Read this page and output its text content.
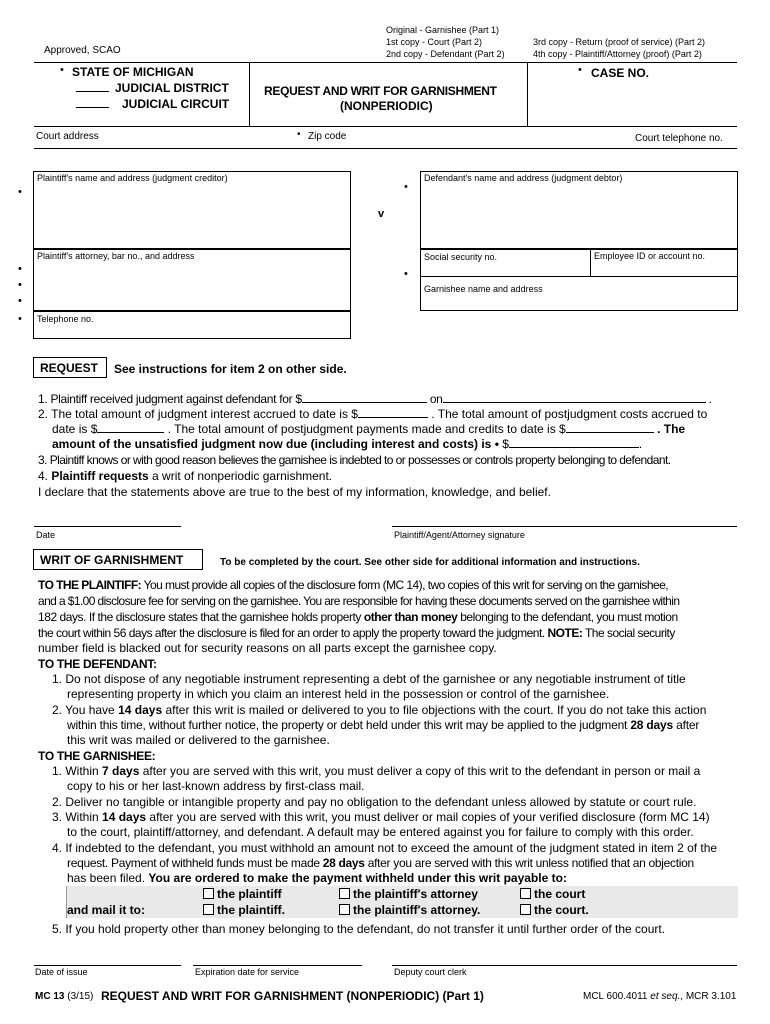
Approved, SCAO
Original - Garnishee (Part 1)
1st copy - Court (Part 2)
2nd copy - Defendant (Part 2)
3rd copy - Return (proof of service) (Part 2)
4th copy - Plaintiff/Attorney (proof) (Part 2)
• STATE OF MICHIGAN
JUDICIAL DISTRICT
JUDICIAL CIRCUIT
REQUEST AND WRIT FOR GARNISHMENT
(NONPERIODIC)
• CASE NO.
Court address	• Zip code	Court telephone no.
Plaintiff's name and address (judgment creditor)
•
v
Defendant's name and address (judgment debtor)
•
Plaintiff's attorney, bar no., and address
•
•
•
Social security no.	Employee ID or account no.
Garnishee name and address
•
Telephone no.
•
REQUEST See instructions for item 2 on other side.
1. Plaintiff received judgment against defendant for $	on	.
2. The total amount of judgment interest accrued to date is $	. The total amount of postjudgment costs accrued to
date is $	. The total amount of postjudgment payments made and credits to date is $	. The
amount of the unsatisfied judgment now due (including interest and costs) is • $	.
3. Plaintiff knows or with good reason believes the garnishee is indebted to or possesses or controls property belonging to defendant.
4. Plaintiff requests a writ of nonperiodic garnishment.
I declare that the statements above are true to the best of my information, knowledge, and belief.
Date	Plaintiff/Agent/Attorney signature
WRIT OF GARNISHMENT	To be completed by the court. See other side for additional information and instructions.
TO THE PLAINTIFF: You must provide all copies of the disclosure form (MC 14), two copies of this writ for serving on the garnishee,
and a $1.00 disclosure fee for serving on the garnishee. You are responsible for having these documents served on the garnishee within
182 days. If the disclosure states that the garnishee holds property other than money belonging to the defendant, you must motion
the court within 56 days after the disclosure is filed for an order to apply the property toward the judgment. NOTE: The social security
number field is blacked out for security reasons on all parts except the garnishee copy.
TO THE DEFENDANT:
1. Do not dispose of any negotiable instrument representing a debt of the garnishee or any negotiable instrument of title
representing property in which you claim an interest held in the possession or control of the garnishee.
2. You have 14 days after this writ is mailed or delivered to you to file objections with the court. If you do not take this action
within this time, without further notice, the property or debt held under this writ may be applied to the judgment 28 days after
this writ was mailed or delivered to the garnishee.
TO THE GARNISHEE:
1. Within 7 days after you are served with this writ, you must deliver a copy of this writ to the defendant in person or mail a
copy to his or her last-known address by first-class mail.
2. Deliver no tangible or intangible property and pay no obligation to the defendant unless allowed by statute or court rule.
3. Within 14 days after you are served with this writ, you must deliver or mail copies of your verified disclosure (form MC 14)
to the court, plaintiff/attorney, and defendant. A default may be entered against you for failure to comply with this order.
4. If indebted to the defendant, you must withhold an amount not to exceed the amount of the judgment stated in item 2 of the
request. Payment of withheld funds must be made 28 days after you are served with this writ unless notified that an objection
has been filed. You are ordered to make the payment withheld under this writ payable to:
the plaintiff	the plaintiff's attorney	the court
and mail it to:	the plaintiff.	the plaintiff's attorney.	the court.
5. If you hold property other than money belonging to the defendant, do not transfer it until further order of the court.
Date of issue	Expiration date for service	Deputy court clerk
MC 13 (3/15) REQUEST AND WRIT FOR GARNISHMENT (NONPERIODIC) (Part 1)	MCL 600.4011 et seq., MCR 3.101
